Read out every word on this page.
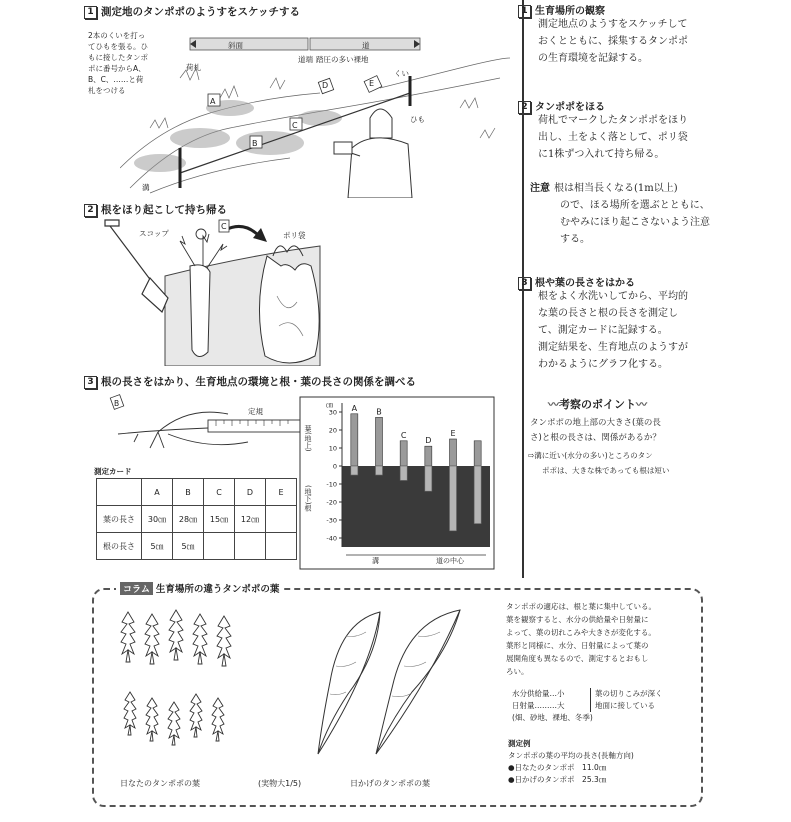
1 測定地のタンポポのようすをスケッチする
2本のくいを打っ
てひもを張る。ひ
もに接したタンポ
ポに番号からA、
B、C、……と荷
札をつける
斜面	道
荷札
溝
道端 踏圧の多い裸地
くい
ひも
A
B
C
D	E
2 根をほり起こして持ち帰る
C
スコップ	ポリ袋
3 根の長さをはかり、生育地点の環境と根・葉の長さの関係を調べる
B
定規
測定カード
	A	B	C	D	E
葉の長さ	30㎝	28㎝	15㎝	12㎝	
根の長さ	5㎝	5㎝			
葉(地上)
(地下)根
㎝
30
20
10
0
-10
-20
-30
-40
A B
C
D
E
溝	道の中心
1 生育場所の観察
測定地点のようすをスケッチして
おくとともに、採集するタンポポ
の生育環境を記録する。
2 タンポポをほる
荷札でマークしたタンポポをほり
出し、土をよく落として、ポリ袋
に1株ずつ入れて持ち帰る。
注意 根は相当長くなる(1m以上)
ので、ほる場所を選ぶとともに、
むやみにほり起こさないよう注意
する。
3 根や葉の長さをはかる
根をよく水洗いしてから、平均的
な葉の長さと根の長さを測定し
て、測定カードに記録する。
測定結果を、生育地点のようすが
わかるようにグラフ化する。
〰考察のポイント〰
タンポポの地上部の大きさ(葉の長
さ)と根の長さは、関係があるか？
⇨溝に近い(水分の多い)ところのタン
ポポは、大きな株であっても根は短い
コラム 生育場所の違うタンポポの葉
日なたのタンポポの葉	(実物大1/5)	日かげのタンポポの葉
タンポポの適応は、根と葉に集中している。
葉を観察すると、水分の供給量や日射量に
よって、葉の切れこみや大きさが変化する。
葉形と同様に、水分、日射量によって葉の
展開角度も異なるので、測定するとおもし
ろい。
水分供給量…小
日射量………大
葉の切りこみが深く
地面に接している
(畑、砂地、裸地、冬季)
測定例
タンポポの葉の平均の長さ(長軸方向)
●日なたのタンポポ　11.0㎝
●日かげのタンポポ　25.3㎝
